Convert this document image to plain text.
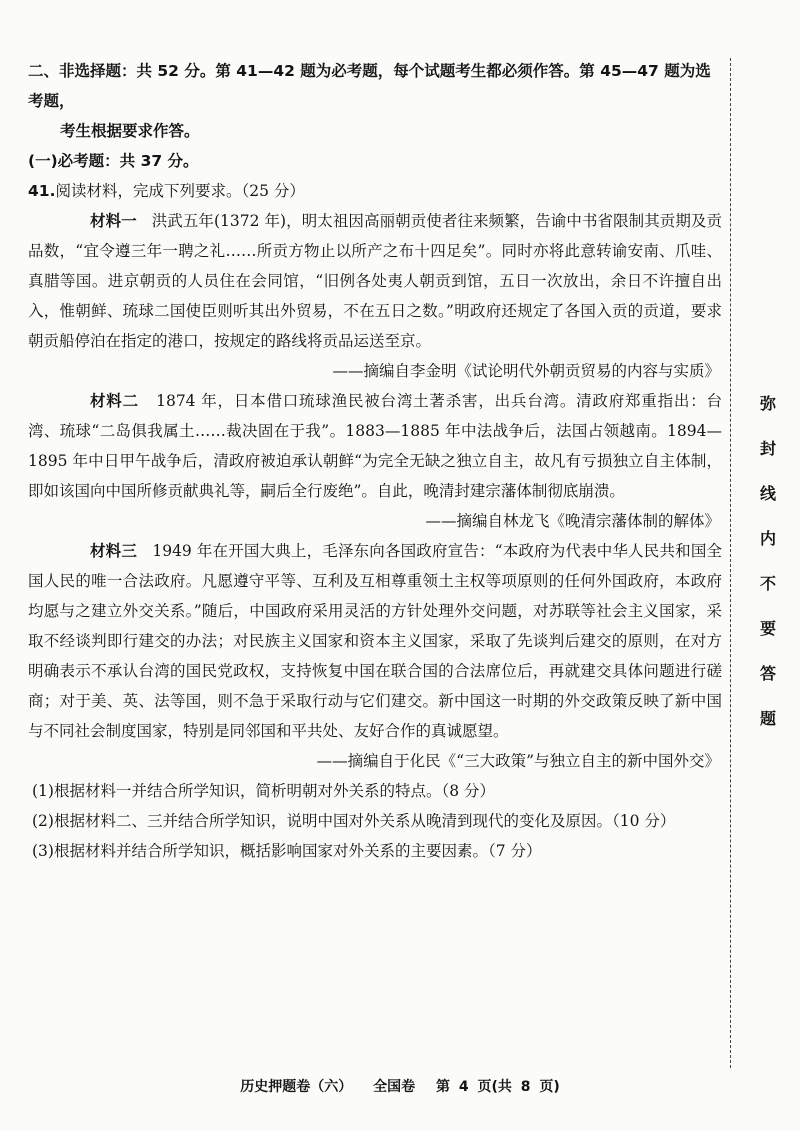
二、非选择题：共 52 分。第 41—42 题为必考题，每个试题考生都必须作答。第 45—47 题为选考题，

考生根据要求作答。

(一)必考题：共 37 分。

41.阅读材料，完成下列要求。（25 分）

材料一 洪武五年(1372 年)，明太祖因高丽朝贡使者往来频繁，告谕中书省限制其贡期及贡品数，“宜令遵三年一聘之礼……所贡方物止以所产之布十四足矣”。同时亦将此意转谕安南、爪哇、真腊等国。进京朝贡的人员住在会同馆，“旧例各处夷人朝贡到馆，五日一次放出，余日不许擅自出入，惟朝鲜、琉球二国使臣则听其出外贸易，不在五日之数。”明政府还规定了各国入贡的贡道，要求朝贡船停泊在指定的港口，按规定的路线将贡品运送至京。

——摘编自李金明《试论明代外朝贡贸易的内容与实质》

材料二 1874 年，日本借口琉球渔民被台湾土著杀害，出兵台湾。清政府郑重指出：台湾、琉球“二岛俱我属土……裁决固在于我”。1883—1885 年中法战争后，法国占领越南。1894—1895 年中日甲午战争后，清政府被迫承认朝鲜“为完全无缺之独立自主，故凡有亏损独立自主体制，即如该国向中国所修贡献典礼等，嗣后全行废绝”。自此，晚清封建宗藩体制彻底崩溃。

——摘编自林龙飞《晚清宗藩体制的解体》

材料三 1949 年在开国大典上，毛泽东向各国政府宣告：“本政府为代表中华人民共和国全国人民的唯一合法政府。凡愿遵守平等、互利及互相尊重领土主权等项原则的任何外国政府，本政府均愿与之建立外交关系。”随后，中国政府采用灵活的方针处理外交问题，对苏联等社会主义国家，采取不经谈判即行建交的办法；对民族主义国家和资本主义国家，采取了先谈判后建交的原则，在对方明确表示不承认台湾的国民党政权，支持恢复中国在联合国的合法席位后，再就建交具体问题进行磋商；对于美、英、法等国，则不急于采取行动与它们建交。新中国这一时期的外交政策反映了新中国与不同社会制度国家，特别是同邻国和平共处、友好合作的真诚愿望。

——摘编自于化民《“三大政策”与独立自主的新中国外交》

(1)根据材料一并结合所学知识，简析明朝对外关系的特点。（8 分）

(2)根据材料二、三并结合所学知识，说明中国对外关系从晚清到现代的变化及原因。（10 分）

(3)根据材料并结合所学知识，概括影响国家对外关系的主要因素。（7 分）

弥
封
线
内
不
要
答
题
历史押题卷（六） 全国卷 第 4 页(共 8 页)
